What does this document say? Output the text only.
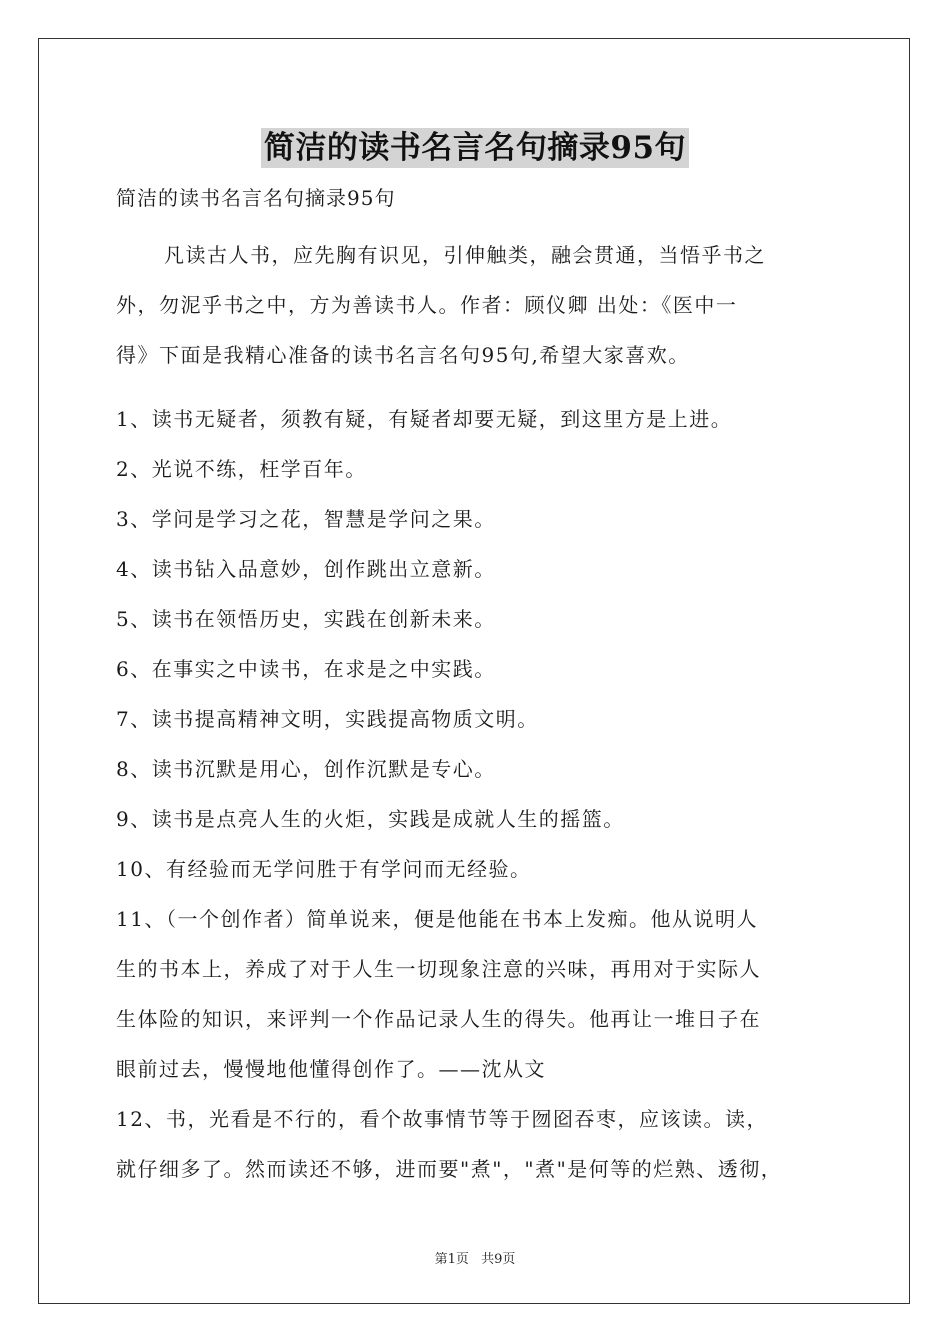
简洁的读书名言名句摘录95句
简洁的读书名言名句摘录95句
凡读古人书，应先胸有识见，引伸触类，融会贯通，当悟乎书之
外，勿泥乎书之中，方为善读书人。作者：顾仪卿 出处：《医中一
得》下面是我精心准备的读书名言名句95句,希望大家喜欢。
1、读书无疑者，须教有疑，有疑者却要无疑，到这里方是上进。
2、光说不练，枉学百年。
3、学问是学习之花，智慧是学问之果。
4、读书钻入品意妙，创作跳出立意新。
5、读书在领悟历史，实践在创新未来。
6、在事实之中读书，在求是之中实践。
7、读书提高精神文明，实践提高物质文明。
8、读书沉默是用心，创作沉默是专心。
9、读书是点亮人生的火炬，实践是成就人生的摇篮。
10、有经验而无学问胜于有学问而无经验。
11、（一个创作者）简单说来，便是他能在书本上发痴。他从说明人
生的书本上，养成了对于人生一切现象注意的兴味，再用对于实际人
生体险的知识，来评判一个作品记录人生的得失。他再让一堆日子在
眼前过去，慢慢地他懂得创作了。——沈从文
12、书，光看是不行的，看个故事情节等于囫囵吞枣，应该读。读，
就仔细多了。然而读还不够，进而要"煮"，"煮"是何等的烂熟、透彻，
第1页 共9页
